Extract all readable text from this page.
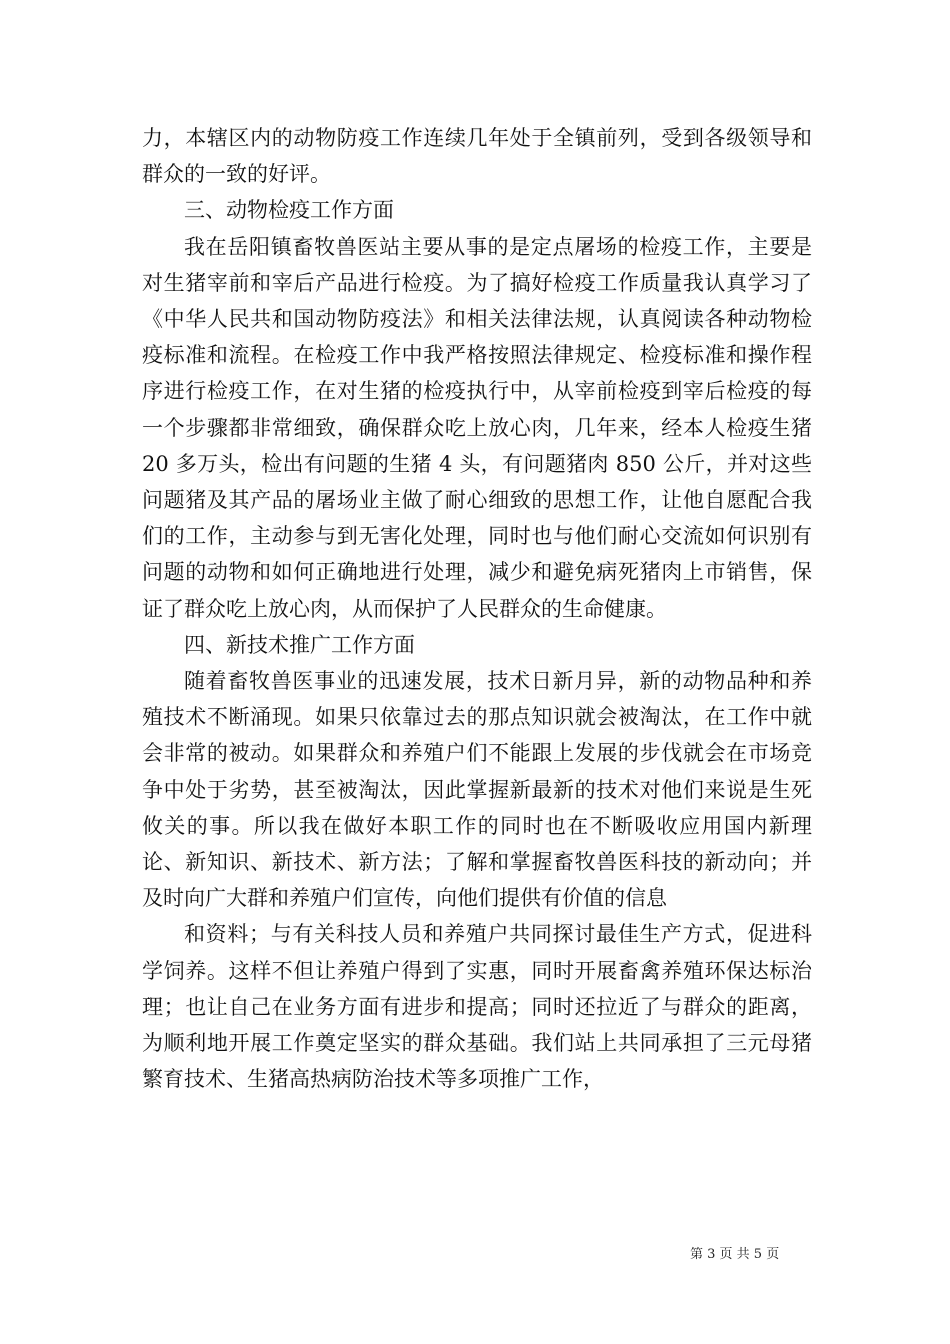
力，本辖区内的动物防疫工作连续几年处于全镇前列，受到各级领导和群众的一致的好评。

三、动物检疫工作方面

我在岳阳镇畜牧兽医站主要从事的是定点屠场的检疫工作，主要是对生猪宰前和宰后产品进行检疫。为了搞好检疫工作质量我认真学习了《中华人民共和国动物防疫法》和相关法律法规，认真阅读各种动物检疫标准和流程。在检疫工作中我严格按照法律规定、检疫标准和操作程序进行检疫工作，在对生猪的检疫执行中，从宰前检疫到宰后检疫的每一个步骤都非常细致，确保群众吃上放心肉，几年来，经本人检疫生猪 20 多万头，检出有问题的生猪 4 头，有问题猪肉 850 公斤，并对这些问题猪及其产品的屠场业主做了耐心细致的思想工作，让他自愿配合我们的工作，主动参与到无害化处理，同时也与他们耐心交流如何识别有问题的动物和如何正确地进行处理，减少和避免病死猪肉上市销售，保证了群众吃上放心肉，从而保护了人民群众的生命健康。

四、新技术推广工作方面

随着畜牧兽医事业的迅速发展，技术日新月异，新的动物品种和养殖技术不断涌现。如果只依靠过去的那点知识就会被淘汰，在工作中就会非常的被动。如果群众和养殖户们不能跟上发展的步伐就会在市场竞争中处于劣势，甚至被淘汰，因此掌握新最新的技术对他们来说是生死攸关的事。所以我在做好本职工作的同时也在不断吸收应用国内新理论、新知识、新技术、新方法；了解和掌握畜牧兽医科技的新动向；并及时向广大群和养殖户们宣传，向他们提供有价值的信息

和资料；与有关科技人员和养殖户共同探讨最佳生产方式，促进科学饲养。这样不但让养殖户得到了实惠，同时开展畜禽养殖环保达标治理；也让自己在业务方面有进步和提高；同时还拉近了与群众的距离，为顺利地开展工作奠定坚实的群众基础。我们站上共同承担了三元母猪繁育技术、生猪高热病防治技术等多项推广工作，

第 3 页 共 5 页
